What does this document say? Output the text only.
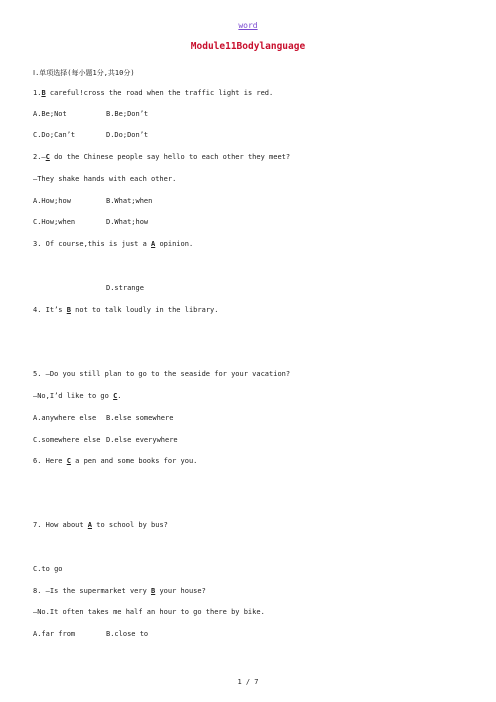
word
Module11Bodylanguage
Ⅰ.单项选择(每小题1分,共10分)
1.B careful!cross the road when the traffic light is red.
A.Be;Not	B.Be;Don’t
C.Do;Can’t	D.Do;Don’t
2.—C do the Chinese people say hello to each other they meet?
—They shake hands with each other.
A.How;how	B.What;when
C.How;when	D.What;how
3. Of course,this is just a A opinion.
D.strange
4. It’s B not to talk loudly in the library.
5. —Do you still plan to go to the seaside for your vacation?
—No,I’d like to go C.
A.anywhere else B.else somewhere
C.somewhere else D.else everywhere
6. Here C a pen and some books for you.
7. How about A to school by bus?
C.to go
8. —Is the supermarket very B your house?
—No.It often takes me half an hour to go there by bike.
A.far from	B.close to
1 / 7
